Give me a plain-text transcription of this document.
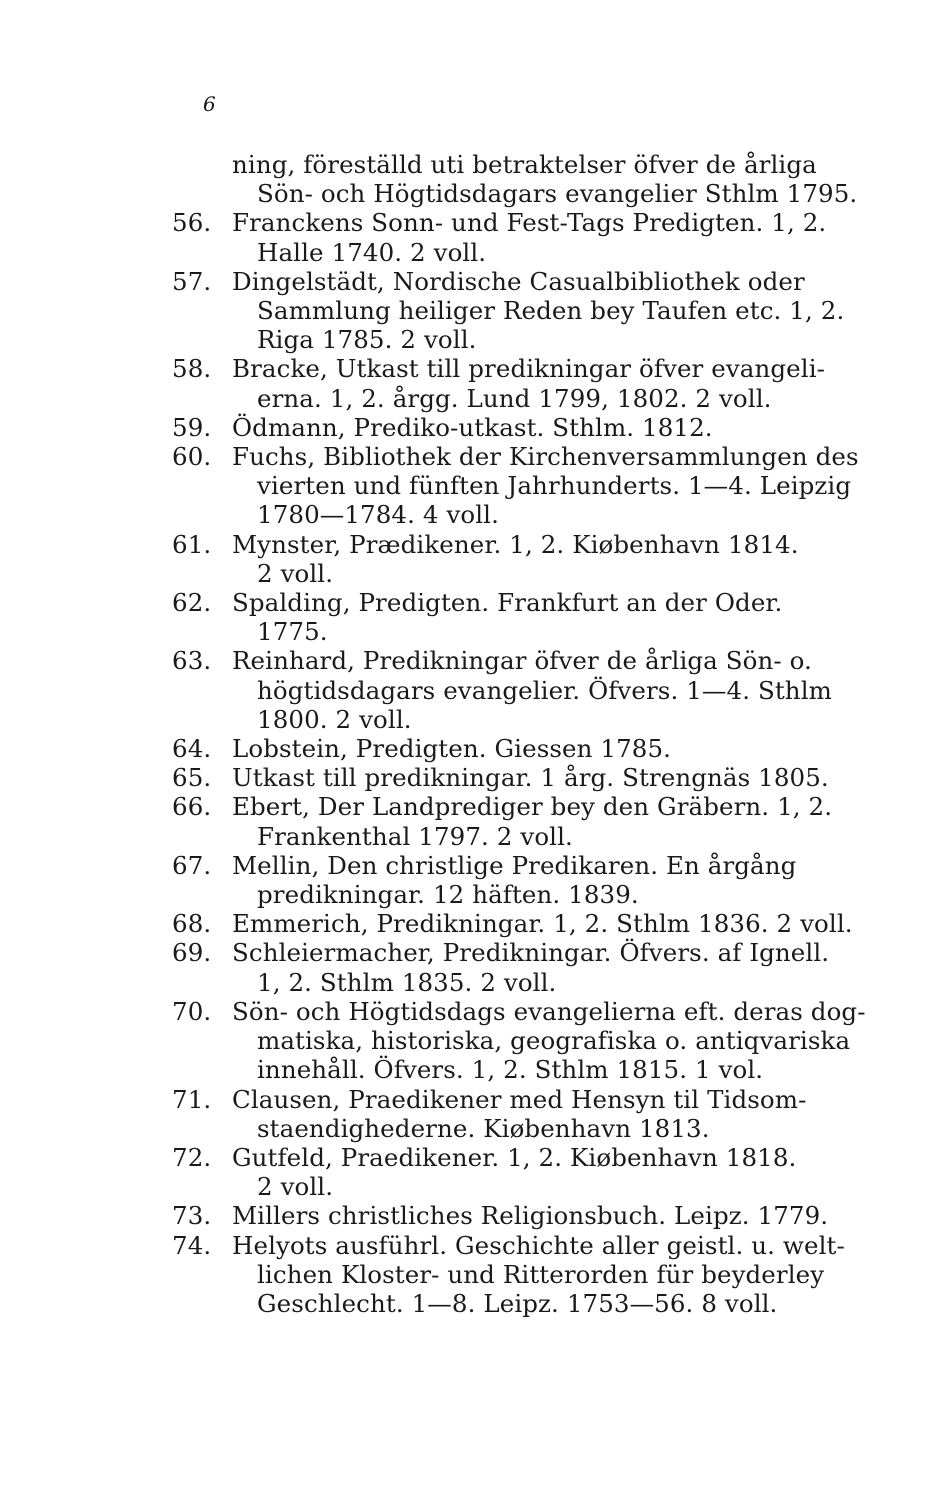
6
ning, föreställd uti betraktelser öfver de årliga
Sön- och Högtidsdagars evangelier Sthlm 1795.
56. Franckens Sonn- und Fest-Tags Predigten. 1, 2.
Halle 1740. 2 voll.
57. Dingelstädt, Nordische Casualbibliothek oder
Sammlung heiliger Reden bey Taufen etc. 1, 2.
Riga 1785. 2 voll.
58. Bracke, Utkast till predikningar öfver evangeli-
erna. 1, 2. årgg. Lund 1799, 1802. 2 voll.
59. Ödmann, Prediko-utkast. Sthlm. 1812.
60. Fuchs, Bibliothek der Kirchenversammlungen des
vierten und fünften Jahrhunderts. 1—4. Leipzig
1780—1784. 4 voll.
61. Mynster, Prædikener. 1, 2. Kiøbenhavn 1814.
2 voll.
62. Spalding, Predigten. Frankfurt an der Oder.
1775.
63. Reinhard, Predikningar öfver de årliga Sön- o.
högtidsdagars evangelier. Öfvers. 1—4. Sthlm
1800. 2 voll.
64. Lobstein, Predigten. Giessen 1785.
65. Utkast till predikningar. 1 årg. Strengnäs 1805.
66. Ebert, Der Landprediger bey den Gräbern. 1, 2.
Frankenthal 1797. 2 voll.
67. Mellin, Den christlige Predikaren. En årgång
predikningar. 12 häften. 1839.
68. Emmerich, Predikningar. 1, 2. Sthlm 1836. 2 voll.
69. Schleiermacher, Predikningar. Öfvers. af Ignell.
1, 2. Sthlm 1835. 2 voll.
70. Sön- och Högtidsdags evangelierna eft. deras dog-
matiska, historiska, geografiska o. antiqvariska
innehåll. Öfvers. 1, 2. Sthlm 1815. 1 vol.
71. Clausen, Praedikener med Hensyn til Tidsom-
staendighederne. Kiøbenhavn 1813.
72. Gutfeld, Praedikener. 1, 2. Kiøbenhavn 1818.
2 voll.
73. Millers christliches Religionsbuch. Leipz. 1779.
74. Helyots ausführl. Geschichte aller geistl. u. welt-
lichen Kloster- und Ritterorden für beyderley
Geschlecht. 1—8. Leipz. 1753—56. 8 voll.
